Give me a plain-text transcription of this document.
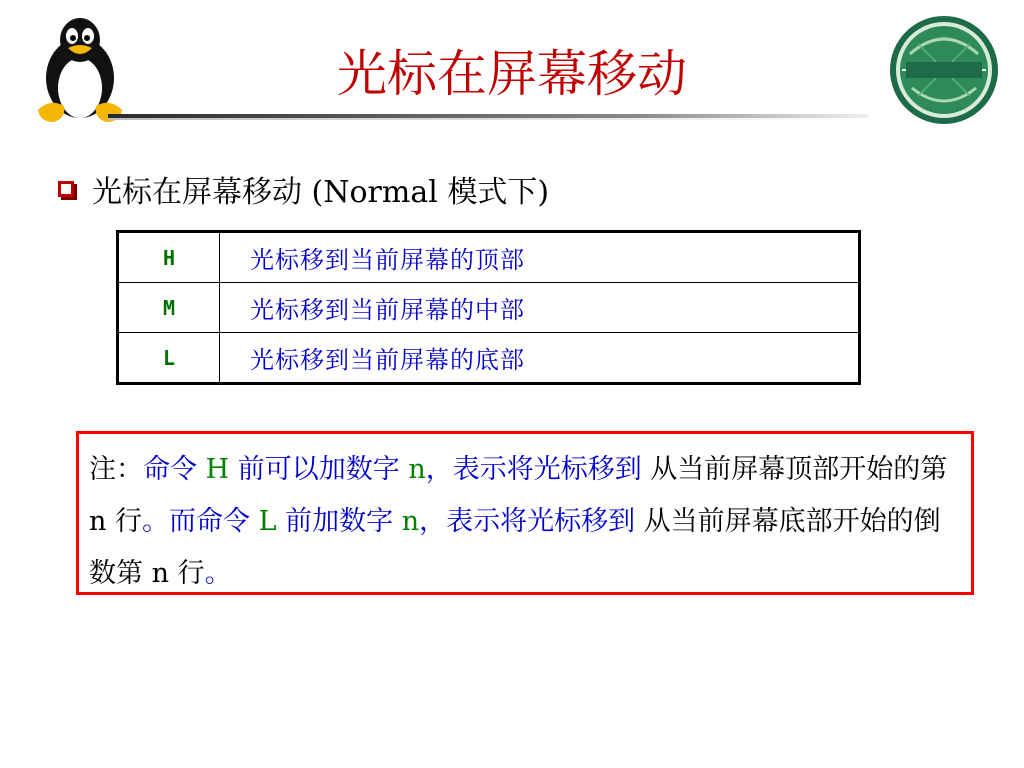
光标在屏幕移动
光标在屏幕移动 (Normal 模式下)
H	光标移到当前屏幕的顶部
M	光标移到当前屏幕的中部
L	光标移到当前屏幕的底部
注：命令 H 前可以加数字 n，表示将光标移到 从当前屏幕顶部开始的第 n 行。而命令 L 前加数字 n，表示将光标移到 从当前屏幕底部开始的倒数第 n 行。
